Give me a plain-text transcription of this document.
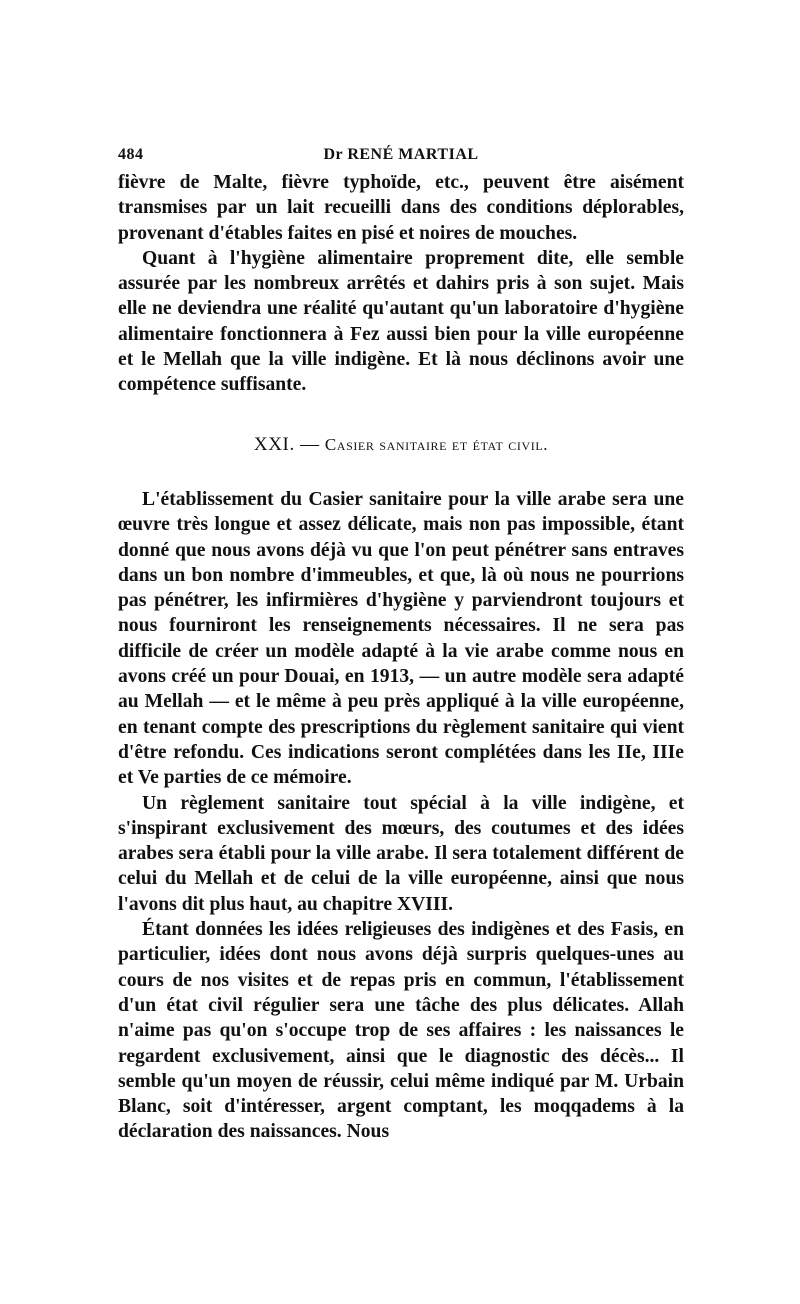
484	Dr RENÉ MARTIAL

fièvre de Malte, fièvre typhoïde, etc., peuvent être aisément transmises par un lait recueilli dans des conditions déplorables, provenant d'étables faites en pisé et noires de mouches.

Quant à l'hygiène alimentaire proprement dite, elle semble assurée par les nombreux arrêtés et dahirs pris à son sujet. Mais elle ne deviendra une réalité qu'autant qu'un laboratoire d'hygiène alimentaire fonctionnera à Fez aussi bien pour la ville européenne et le Mellah que la ville indigène. Et là nous déclinons avoir une compétence suffisante.

XXI. — Casier sanitaire et état civil.

L'établissement du Casier sanitaire pour la ville arabe sera une œuvre très longue et assez délicate, mais non pas impossible, étant donné que nous avons déjà vu que l'on peut pénétrer sans entraves dans un bon nombre d'immeubles, et que, là où nous ne pourrions pas pénétrer, les infirmières d'hygiène y parviendront toujours et nous fourniront les renseignements nécessaires. Il ne sera pas difficile de créer un modèle adapté à la vie arabe comme nous en avons créé un pour Douai, en 1913, — un autre modèle sera adapté au Mellah — et le même à peu près appliqué à la ville européenne, en tenant compte des prescriptions du règlement sanitaire qui vient d'être refondu. Ces indications seront complétées dans les IIe, IIIe et Ve parties de ce mémoire.

Un règlement sanitaire tout spécial à la ville indigène, et s'inspirant exclusivement des mœurs, des coutumes et des idées arabes sera établi pour la ville arabe. Il sera totalement différent de celui du Mellah et de celui de la ville européenne, ainsi que nous l'avons dit plus haut, au chapitre XVIII.

Étant données les idées religieuses des indigènes et des Fasis, en particulier, idées dont nous avons déjà surpris quelques-unes au cours de nos visites et de repas pris en commun, l'établissement d'un état civil régulier sera une tâche des plus délicates. Allah n'aime pas qu'on s'occupe trop de ses affaires : les naissances le regardent exclusivement, ainsi que le diagnostic des décès... Il semble qu'un moyen de réussir, celui même indiqué par M. Urbain Blanc, soit d'intéresser, argent comptant, les moqqadems à la déclaration des naissances. Nous
